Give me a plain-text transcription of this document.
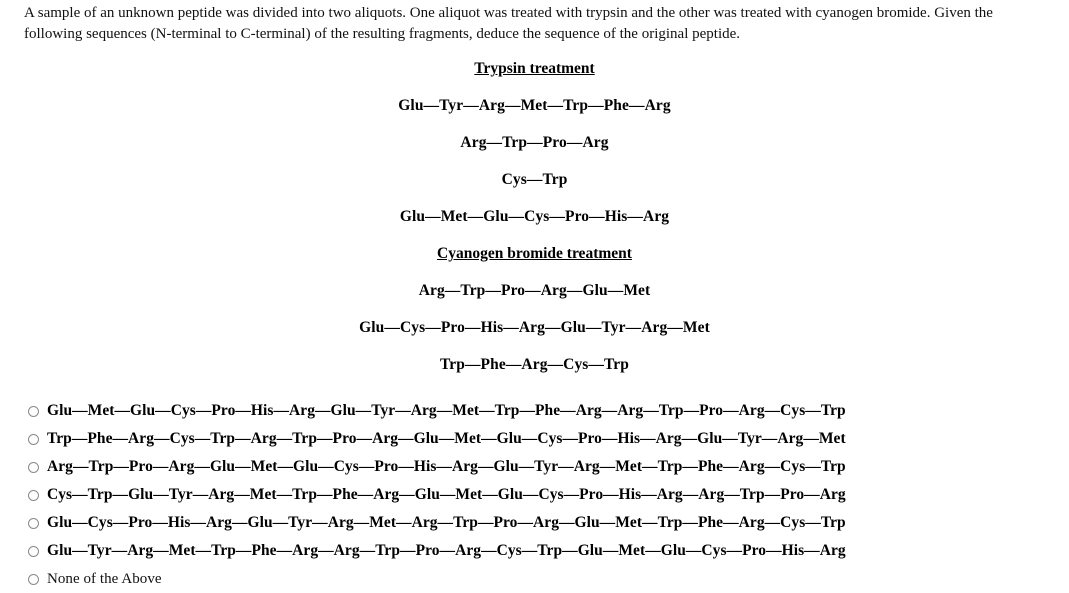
A sample of an unknown peptide was divided into two aliquots. One aliquot was treated with trypsin and the other was treated with cyanogen bromide. Given the following sequences (N-terminal to C-terminal) of the resulting fragments, deduce the sequence of the original peptide.
Trypsin treatment
Glu—Tyr—Arg—Met—Trp—Phe—Arg
Arg—Trp—Pro—Arg
Cys—Trp
Glu—Met—Glu—Cys—Pro—His—Arg
Cyanogen bromide treatment
Arg—Trp—Pro—Arg—Glu—Met
Glu—Cys—Pro—His—Arg—Glu—Tyr—Arg—Met
Trp—Phe—Arg—Cys—Trp
Glu—Met—Glu—Cys—Pro—His—Arg—Glu—Tyr—Arg—Met—Trp—Phe—Arg—Arg—Trp—Pro—Arg—Cys—Trp
Trp—Phe—Arg—Cys—Trp—Arg—Trp—Pro—Arg—Glu—Met—Glu—Cys—Pro—His—Arg—Glu—Tyr—Arg—Met
Arg—Trp—Pro—Arg—Glu—Met—Glu—Cys—Pro—His—Arg—Glu—Tyr—Arg—Met—Trp—Phe—Arg—Cys—Trp
Cys—Trp—Glu—Tyr—Arg—Met—Trp—Phe—Arg—Glu—Met—Glu—Cys—Pro—His—Arg—Arg—Trp—Pro—Arg
Glu—Cys—Pro—His—Arg—Glu—Tyr—Arg—Met—Arg—Trp—Pro—Arg—Glu—Met—Trp—Phe—Arg—Cys—Trp
Glu—Tyr—Arg—Met—Trp—Phe—Arg—Arg—Trp—Pro—Arg—Cys—Trp—Glu—Met—Glu—Cys—Pro—His—Arg
None of the Above
